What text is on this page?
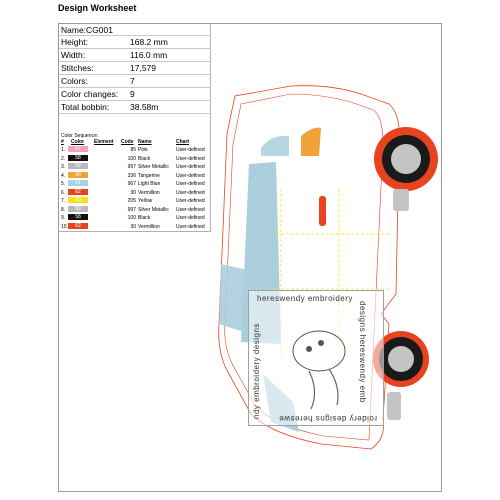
Design Worksheet
Name:CG001
Height:	168.2 mm
Width:	116.0 mm
Stitches:	17,579
Colors:	7
Color changes: 9
Total bobbin: 38.58m
Color Sequence:
# Color Element Code Name	Chart
1.	57	85 Pink	User-defined
2.	58	100 Black	User-defined
3.	59	997 Silver Metallic User-defined
4.	60	336 Tangerine	User-defined
5.	61	967 Light Blue	User-defined
6.	62	30 Vermillion	User-defined
7.	63	205 Yellow	User-defined
8.	59	997 Silver Metallic User-defined
9.	58	100 Black	User-defined
10.	62	30 Vermillion	User-defined
hereswendy embroidery
designs hereswendy emb
roidery designs hereswe
ndy embroidery designs
